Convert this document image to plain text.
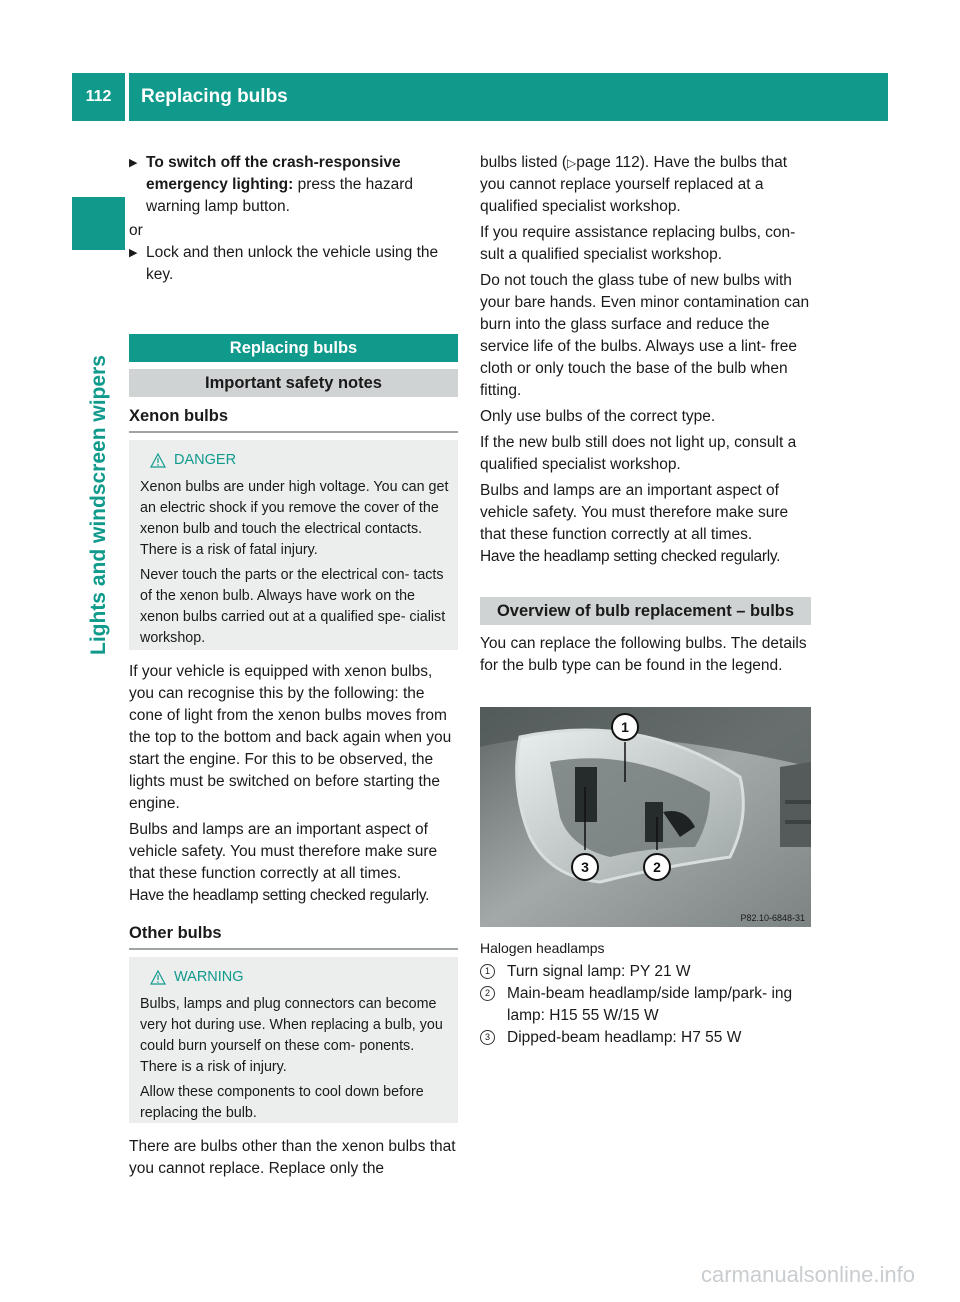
112	Replacing bulbs
Lights and windscreen wipers
▶ To switch off the crash-responsive emergency lighting: press the hazard warning lamp button.
or
▶ Lock and then unlock the vehicle using the key.
Replacing bulbs
Important safety notes
Xenon bulbs
DANGER

Xenon bulbs are under high voltage. You can get an electric shock if you remove the cover of the xenon bulb and touch the electrical contacts. There is a risk of fatal injury.

Never touch the parts or the electrical con- tacts of the xenon bulb. Always have work on the xenon bulbs carried out at a qualified spe- cialist workshop.

If your vehicle is equipped with xenon bulbs, you can recognise this by the following: the cone of light from the xenon bulbs moves from the top to the bottom and back again when you start the engine. For this to be observed, the lights must be switched on before starting the engine.

Bulbs and lamps are an important aspect of vehicle safety. You must therefore make sure that these function correctly at all times.

Have the headlamp setting checked regularly.

Other bulbs
WARNING

Bulbs, lamps and plug connectors can become very hot during use. When replacing a bulb, you could burn yourself on these com- ponents. There is a risk of injury.

Allow these components to cool down before replacing the bulb.

There are bulbs other than the xenon bulbs that you cannot replace. Replace only the

bulbs listed (▷page 112). Have the bulbs that you cannot replace yourself replaced at a qualified specialist workshop.

If you require assistance replacing bulbs, con- sult a qualified specialist workshop.

Do not touch the glass tube of new bulbs with your bare hands. Even minor contamination can burn into the glass surface and reduce the service life of the bulbs. Always use a lint- free cloth or only touch the base of the bulb when fitting.

Only use bulbs of the correct type.

If the new bulb still does not light up, consult a qualified specialist workshop.

Bulbs and lamps are an important aspect of vehicle safety. You must therefore make sure that these function correctly at all times.

Have the headlamp setting checked regularly.

Overview of bulb replacement – bulbs

You can replace the following bulbs. The details for the bulb type can be found in the legend.

1
2
3
P82.10-6848-31
Halogen headlamps
1	Turn signal lamp: PY 21 W
2	Main-beam headlamp/side lamp/park- ing lamp: H15 55 W/15 W
3	Dipped-beam headlamp: H7 55 W
carmanualsonline.info
